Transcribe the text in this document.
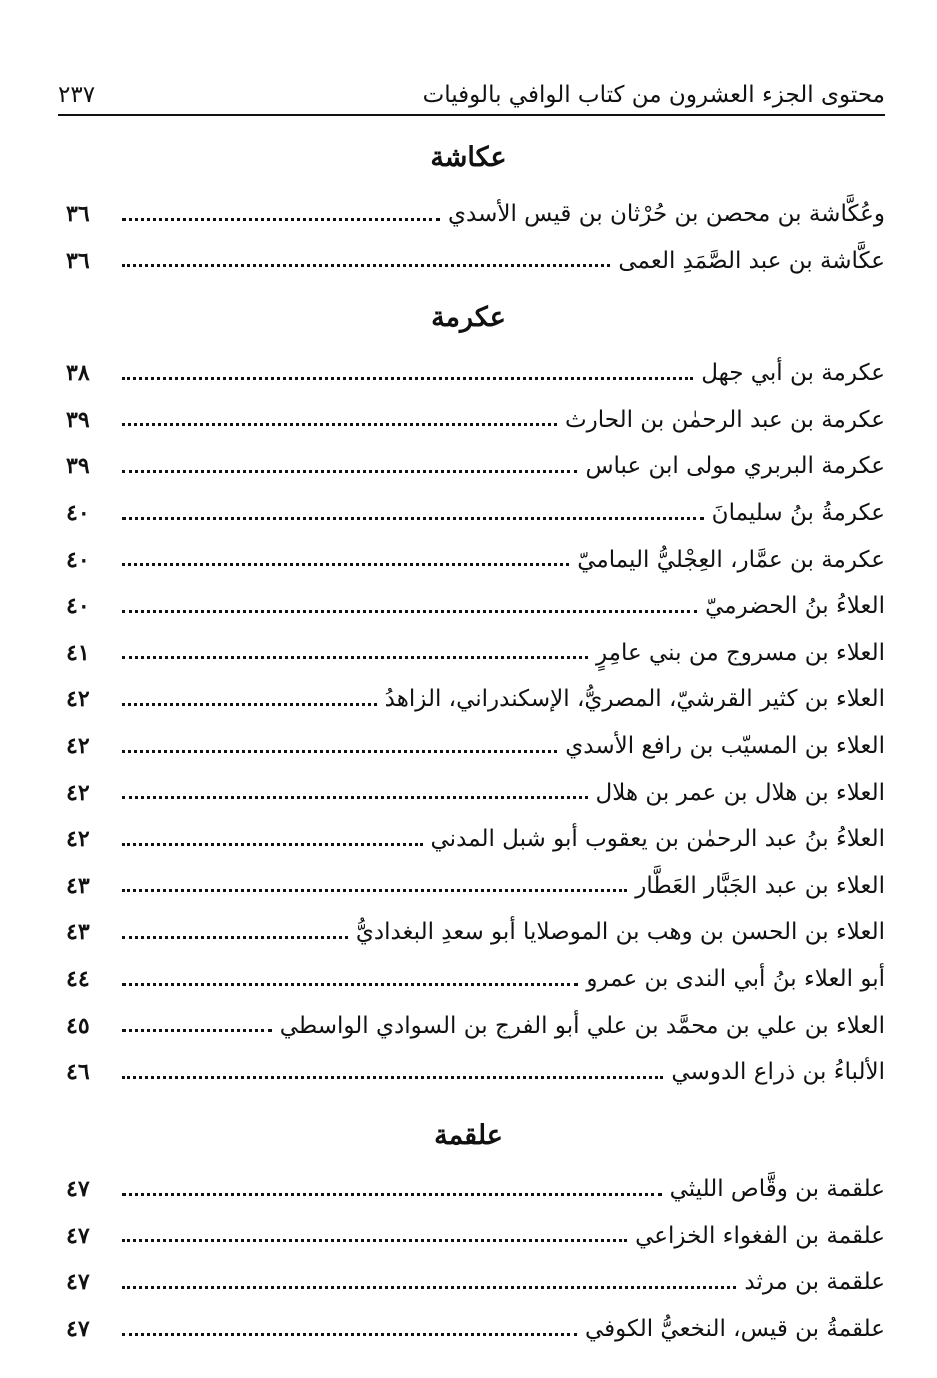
محتوى الجزء العشرون من كتاب الوافي بالوفيات
٢٣٧
عكاشة
وعُكَّاشة بن محصن بن حُرْثان بن قيس الأسدي
٣٦
عكَّاشة بن عبد الصَّمَدِ العمى
٣٦
عكرمة
عكرمة بن أبي جهل
٣٨
عكرمة بن عبد الرحمٰن بن الحارث
٣٩
عكرمة البربري مولى ابن عباس
٣٩
عكرمةُ بنُ سليمانَ
٤٠
عكرمة بن عمَّار، العِجْليُّ اليماميّ
٤٠
العلاءُ بنُ الحضرميّ
٤٠
العلاء بن مسروج من بني عامِرٍ
٤١
العلاء بن كثير القرشيّ، المصريُّ، الإسكندراني، الزاهدُ
٤٢
العلاء بن المسيّب بن رافع الأسدي
٤٢
العلاء بن هلال بن عمر بن هلال
٤٢
العلاءُ بنُ عبد الرحمٰن بن يعقوب أبو شبل المدني
٤٢
العلاء بن عبد الجَبَّار العَطَّار
٤٣
العلاء بن الحسن بن وهب بن الموصلايا أبو سعدِ البغداديُّ
٤٣
أبو العلاء بنُ أبي الندى بن عمرو
٤٤
العلاء بن علي بن محمَّد بن علي أبو الفرج بن السوادي الواسطي
٤٥
الألباءُ بن ذراع الدوسي
٤٦
علقمة
علقمة بن وقَّاص الليثي
٤٧
علقمة بن الفغواء الخزاعي
٤٧
علقمة بن مرثد
٤٧
علقمةُ بن قيس، النخعيُّ الكوفي
٤٧
